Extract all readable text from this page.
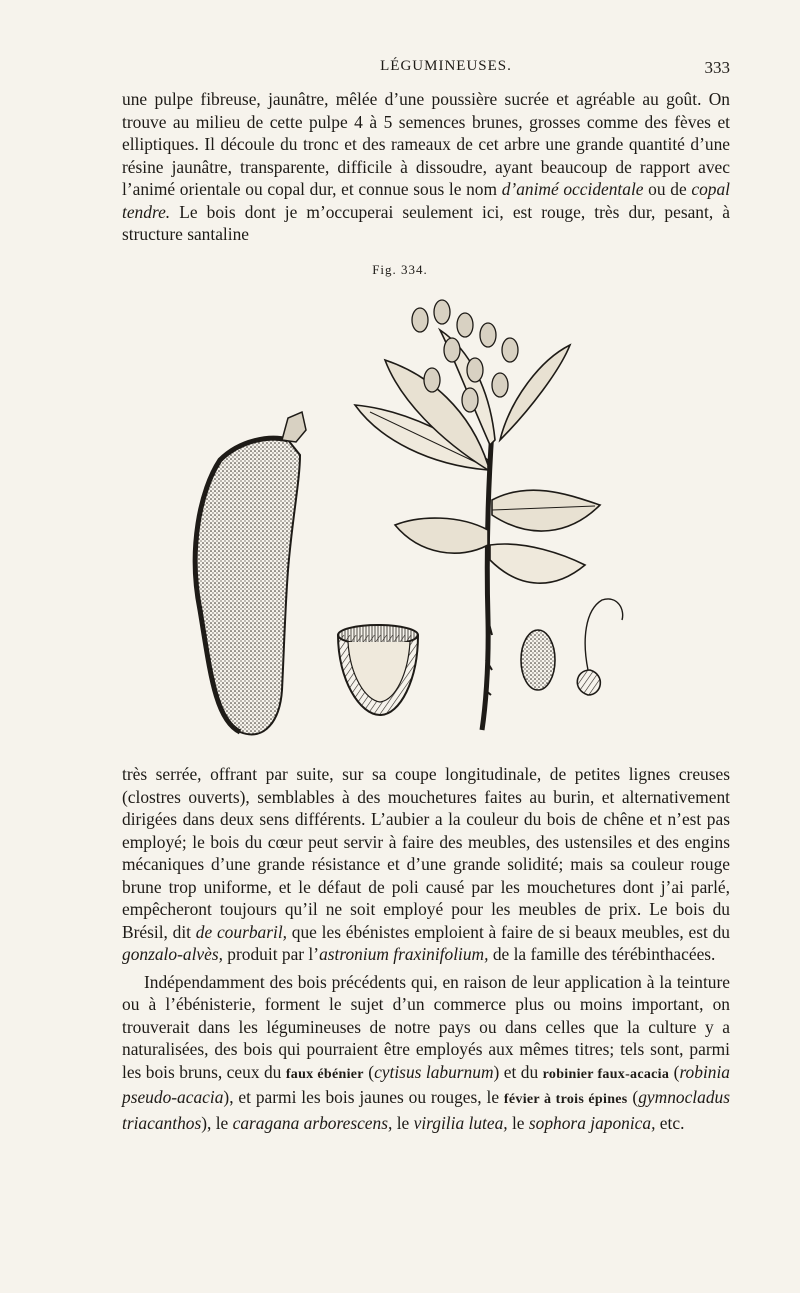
LÉGUMINEUSES.	333

une pulpe fibreuse, jaunâtre, mêlée d’une poussière sucrée et agréable au goût. On trouve au milieu de cette pulpe 4 à 5 semences brunes, grosses comme des fèves et elliptiques. Il découle du tronc et des rameaux de cet arbre une grande quantité d’une résine jaunâtre, transparente, difficile à dissoudre, ayant beaucoup de rapport avec l’animé orientale ou copal dur, et connue sous le nom d’animé occidentale ou de copal tendre. Le bois dont je m’occuperai seulement ici, est rouge, très dur, pesant, à structure santaline

Fig. 334.

très serrée, offrant par suite, sur sa coupe longitudinale, de petites lignes creuses (clostres ouverts), semblables à des mouchetures faites au burin, et alternativement dirigées dans deux sens différents. L’aubier a la couleur du bois de chêne et n’est pas employé; le bois du cœur peut servir à faire des meubles, des ustensiles et des engins mécaniques d’une grande résistance et d’une grande solidité; mais sa couleur rouge brune trop uniforme, et le défaut de poli causé par les mouchetures dont j’ai parlé, empêcheront toujours qu’il ne soit employé pour les meubles de prix. Le bois du Brésil, dit de courbaril, que les ébénistes emploient à faire de si beaux meubles, est du gonzalo-alvès, produit par l’astronium fraxinifolium, de la famille des térébinthacées.

Indépendamment des bois précédents qui, en raison de leur application à la teinture ou à l’ébénisterie, forment le sujet d’un commerce plus ou moins important, on trouverait dans les légumineuses de notre pays ou dans celles que la culture y a naturalisées, des bois qui pourraient être employés aux mêmes titres; tels sont, parmi les bois bruns, ceux du faux ébénier (cytisus laburnum) et du robinier faux-acacia (robinia pseudo-acacia), et parmi les bois jaunes ou rouges, le févier à trois épines (gymnocladus triacanthos), le caragana arborescens, le virgilia lutea, le sophora japonica, etc.
